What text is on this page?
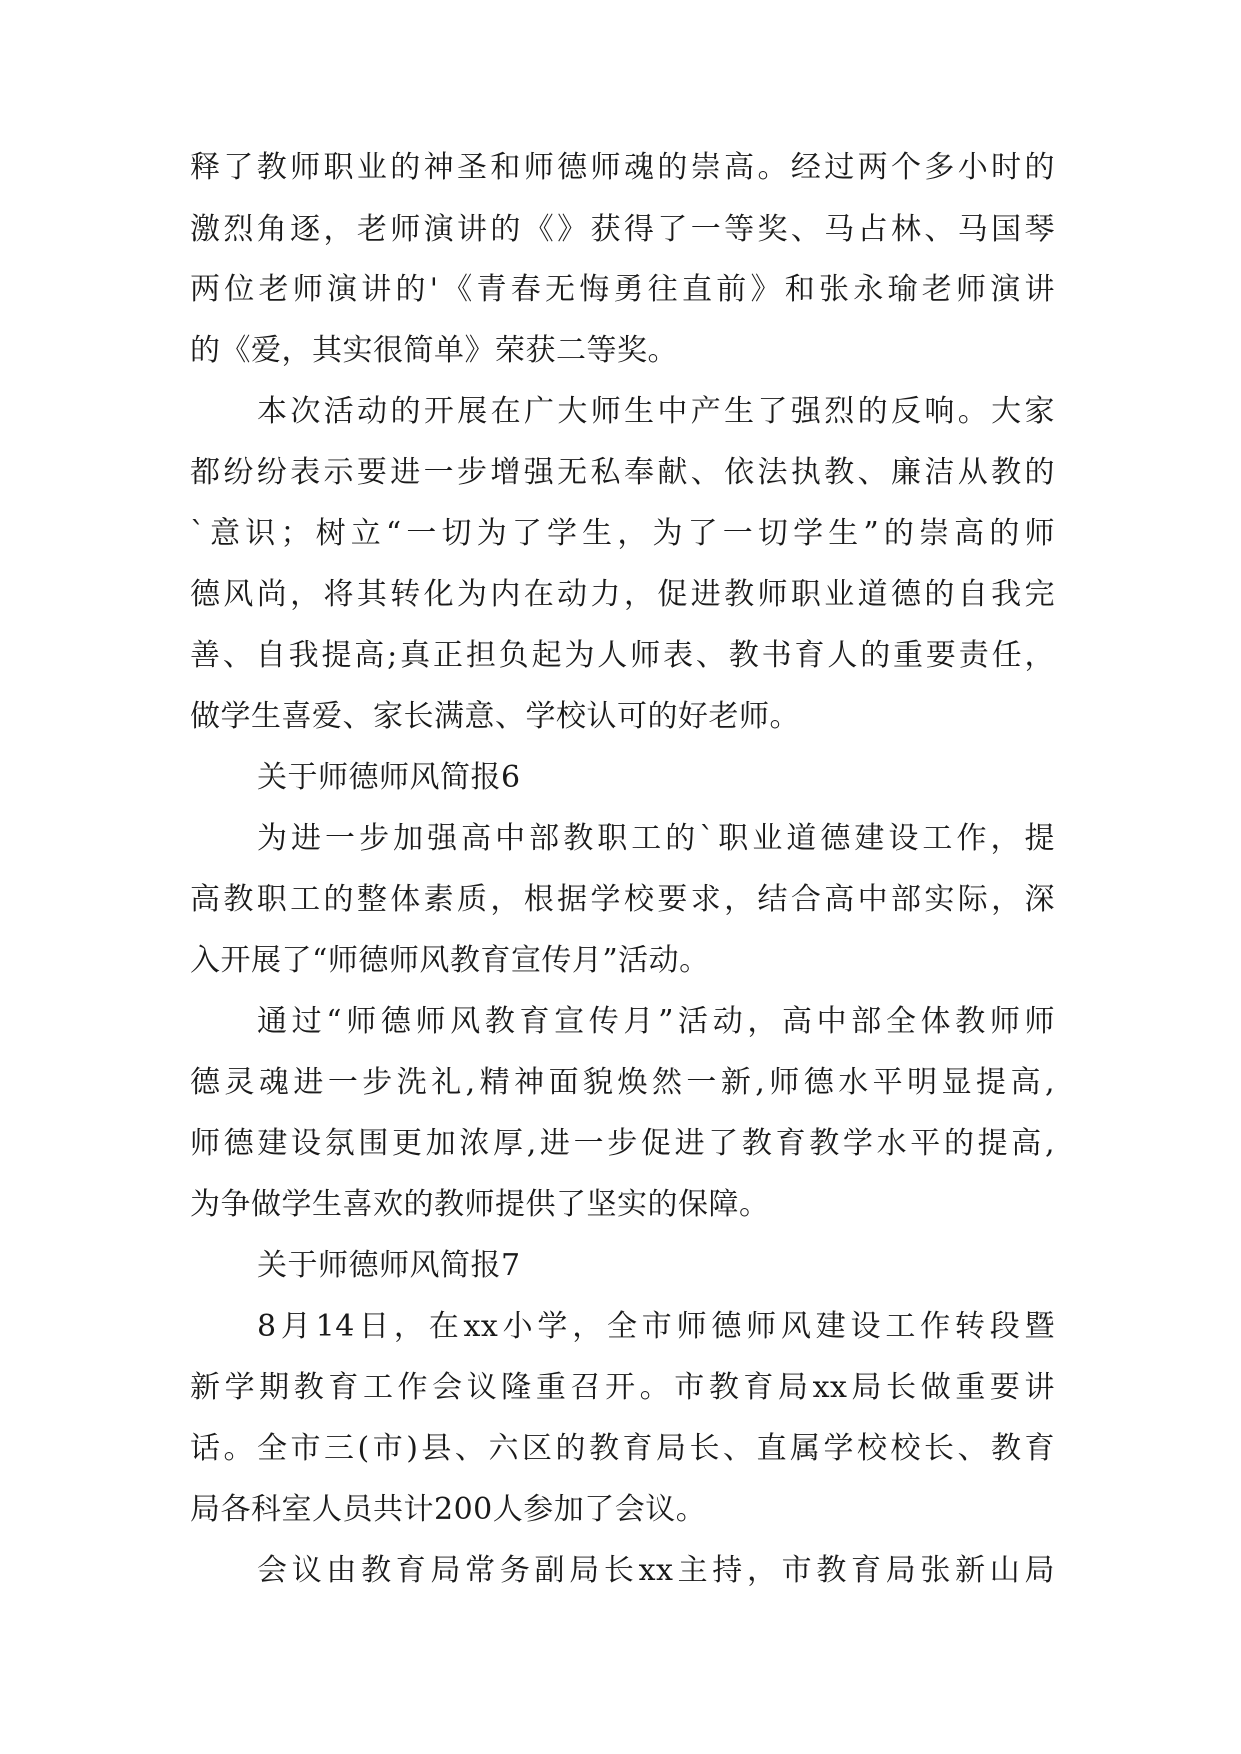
释了教师职业的神圣和师德师魂的崇高。经过两个多小时的
激烈角逐，老师演讲的《》获得了一等奖、马占林、马国琴
两位老师演讲的'《青春无悔勇往直前》和张永瑜老师演讲
的《爱，其实很简单》荣获二等奖。
本次活动的开展在广大师生中产生了强烈的反响。大家
都纷纷表示要进一步增强无私奉献、依法执教、廉洁从教的
`意识；树立“一切为了学生，为了一切学生”的崇高的师
德风尚，将其转化为内在动力，促进教师职业道德的自我完
善、自我提高;真正担负起为人师表、教书育人的重要责任，
做学生喜爱、家长满意、学校认可的好老师。
关于师德师风简报6
为进一步加强高中部教职工的`职业道德建设工作，提
高教职工的整体素质，根据学校要求，结合高中部实际，深
入开展了“师德师风教育宣传月”活动。
通过“师德师风教育宣传月”活动，高中部全体教师师
德灵魂进一步洗礼,精神面貌焕然一新,师德水平明显提高,
师德建设氛围更加浓厚,进一步促进了教育教学水平的提高,
为争做学生喜欢的教师提供了坚实的保障。
关于师德师风简报7
8月14日，在xx小学，全市师德师风建设工作转段暨
新学期教育工作会议隆重召开。市教育局xx局长做重要讲
话。全市三(市)县、六区的教育局长、直属学校校长、教育
局各科室人员共计200人参加了会议。
会议由教育局常务副局长xx主持，市教育局张新山局
